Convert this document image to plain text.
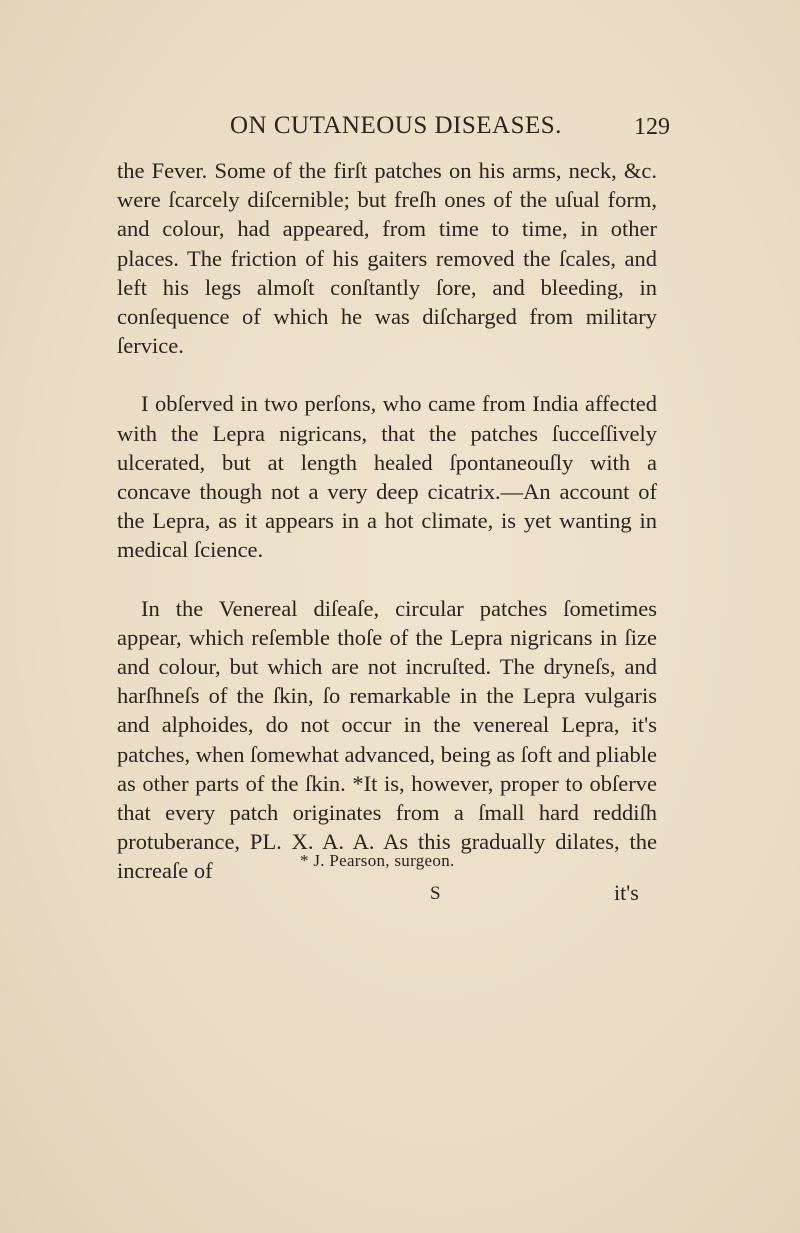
ON CUTANEOUS DISEASES.	129

the Fever. Some of the firſt patches on his arms, neck, &c. were ſcarcely diſcernible; but freſh ones of the uſual form, and colour, had appeared, from time to time, in other places. The friction of his gaiters removed the ſcales, and left his legs almoſt conſtantly ſore, and bleeding, in conſequence of which he was diſcharged from military ſervice.

I obſerved in two perſons, who came from India affected with the Lepra nigricans, that the patches ſucceſſively ulcerated, but at length healed ſpontaneouſly with a concave though not a very deep cicatrix.—An account of the Lepra, as it appears in a hot climate, is yet wanting in medical ſcience.

In the Venereal diſeaſe, circular patches ſometimes appear, which reſemble thoſe of the Lepra nigricans in ſize and colour, but which are not incruſted. The dryneſs, and harſhneſs of the ſkin, ſo remarkable in the Lepra vulgaris and alphoides, do not occur in the venereal Lepra, it's patches, when ſomewhat advanced, being as ſoft and pliable as other parts of the ſkin. *It is, however, proper to obſerve that every patch originates from a ſmall hard reddiſh protuberance, PL. X. A. A. As this gradually dilates, the increaſe of	* J. Pearson, surgeon.
S	it's
